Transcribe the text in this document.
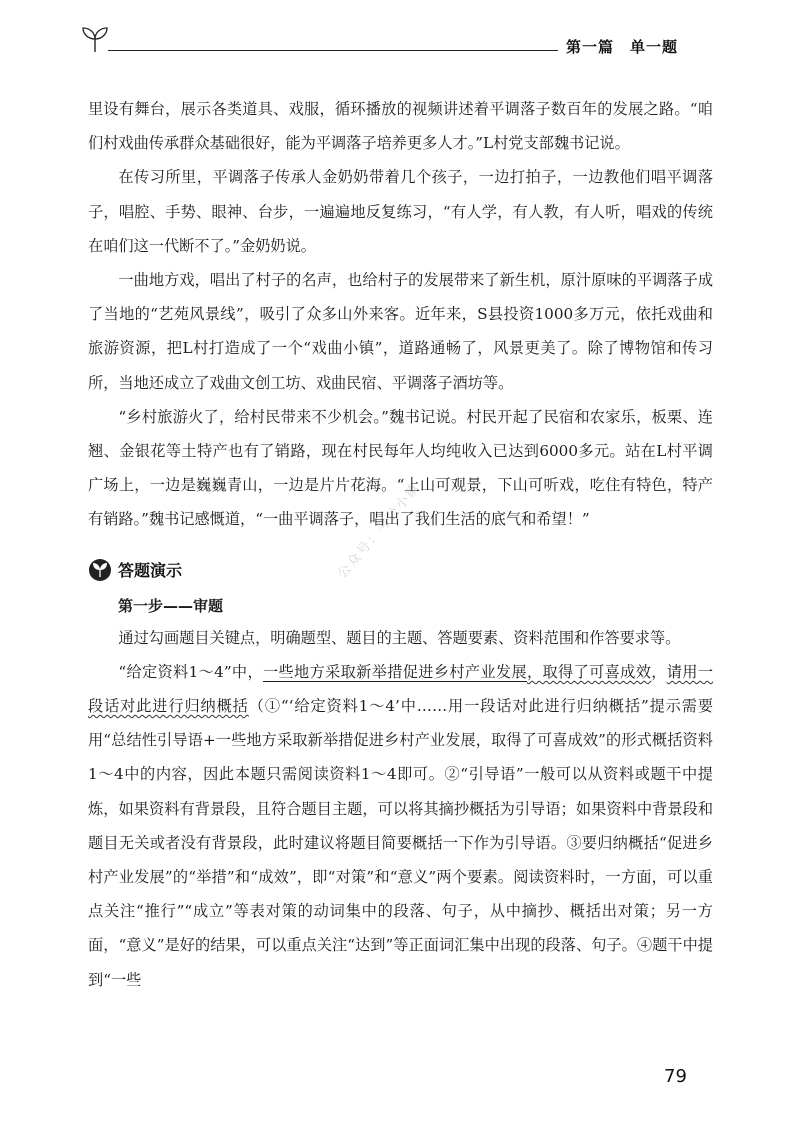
第一篇　单一题
公众号：考公小镇

里设有舞台，展示各类道具、戏服，循环播放的视频讲述着平调落子数百年的发展之路。“咱们村戏曲传承群众基础很好，能为平调落子培养更多人才。”L村党支部魏书记说。

在传习所里，平调落子传承人金奶奶带着几个孩子，一边打拍子，一边教他们唱平调落子，唱腔、手势、眼神、台步，一遍遍地反复练习，“有人学，有人教，有人听，唱戏的传统在咱们这一代断不了。”金奶奶说。

一曲地方戏，唱出了村子的名声，也给村子的发展带来了新生机，原汁原味的平调落子成了当地的“艺苑风景线”，吸引了众多山外来客。近年来，S县投资1000多万元，依托戏曲和旅游资源，把L村打造成了一个“戏曲小镇”，道路通畅了，风景更美了。除了博物馆和传习所，当地还成立了戏曲文创工坊、戏曲民宿、平调落子酒坊等。

“乡村旅游火了，给村民带来不少机会。”魏书记说。村民开起了民宿和农家乐，板栗、连翘、金银花等土特产也有了销路，现在村民每年人均纯收入已达到6000多元。站在L村平调广场上，一边是巍巍青山，一边是片片花海。“上山可观景，下山可听戏，吃住有特色，特产有销路。”魏书记感慨道，“一曲平调落子，唱出了我们生活的底气和希望！”

答题演示

第一步——审题

通过勾画题目关键点，明确题型、题目的主题、答题要素、资料范围和作答要求等。

“给定资料1～4”中，一些地方采取新举措促进乡村产业发展，取得了可喜成效，请用一段话对此进行归纳概括（①“‘给定资料1～4’中……用一段话对此进行归纳概括”提示需要用“总结性引导语+一些地方采取新举措促进乡村产业发展，取得了可喜成效”的形式概括资料1～4中的内容，因此本题只需阅读资料1～4即可。②“引导语”一般可以从资料或题干中提炼，如果资料有背景段，且符合题目主题，可以将其摘抄概括为引导语；如果资料中背景段和题目无关或者没有背景段，此时建议将题目简要概括一下作为引导语。③要归纳概括“促进乡村产业发展”的“举措”和“成效”，即“对策”和“意义”两个要素。阅读资料时，一方面，可以重点关注“推行”“成立”等表对策的动词集中的段落、句子，从中摘抄、概括出对策；另一方面，“意义”是好的结果，可以重点关注“达到”等正面词汇集中出现的段落、句子。④题干中提到“一些

79
